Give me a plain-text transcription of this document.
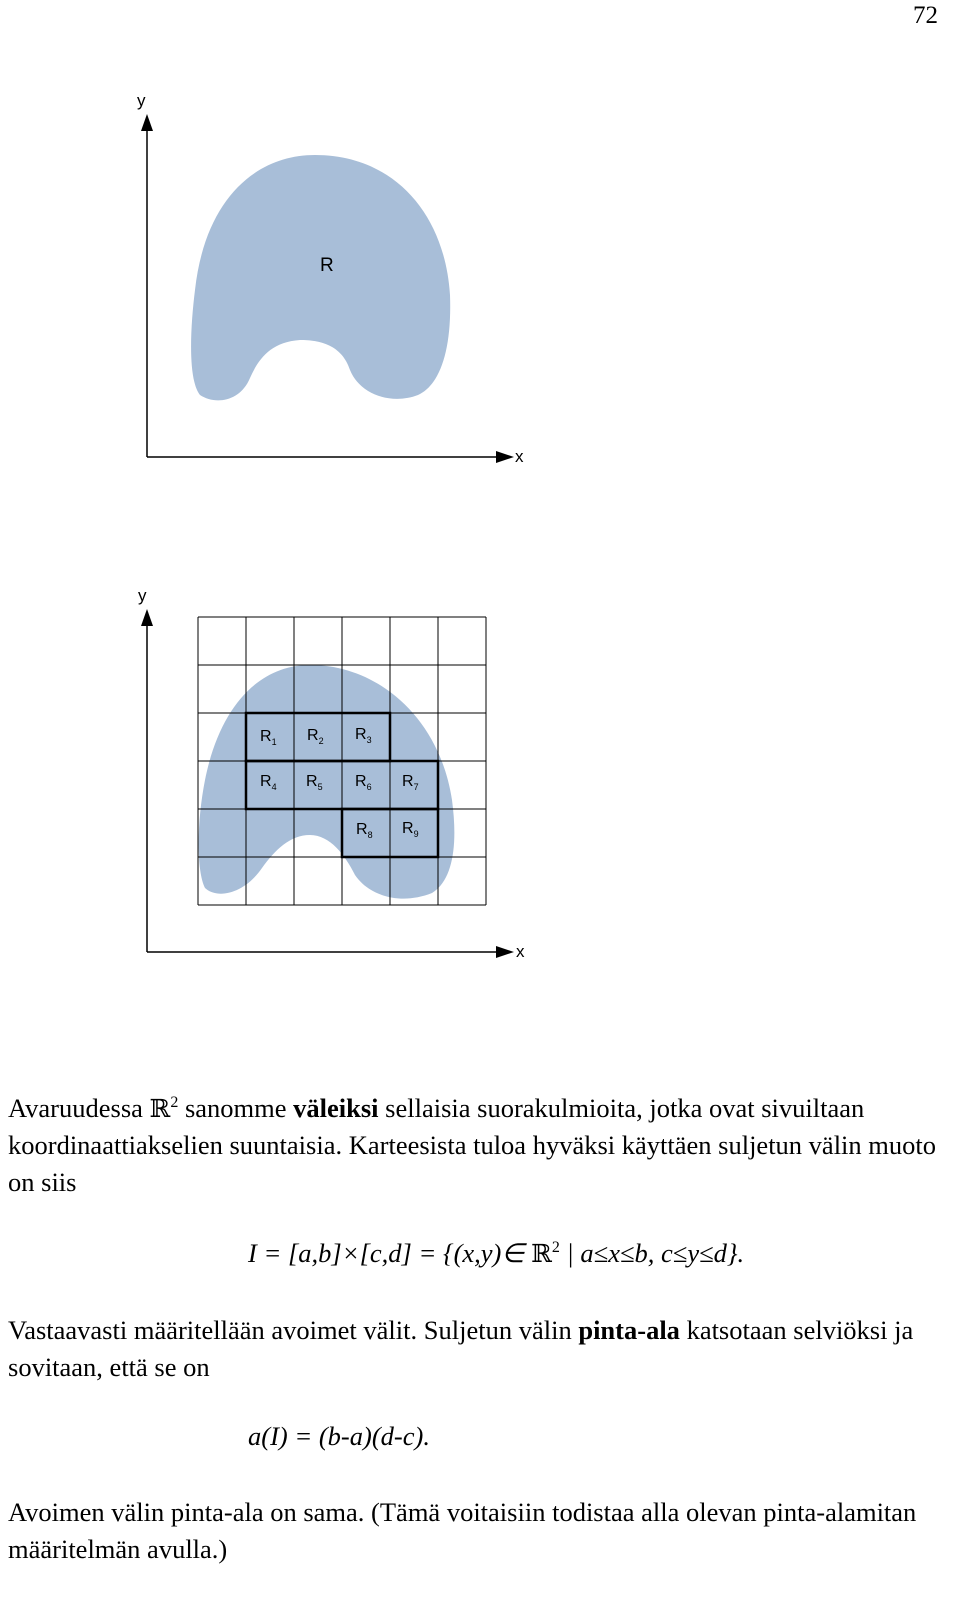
72
y
x
R
y
x
$R_1$ $R_2$ $R_3$
$R_4$ $R_5$ $R_6$ $R_7$
$R_8$ $R_9$
Avaruudessa ℝ$^2$ sanomme väleiksi sellaisia suorakulmioita, jotka ovat sivuiltaan koordinaattiakselien suuntaisia. Karteesista tuloa hyväksi käyttäen suljetun välin muoto on siis
I = [a,b]×[c,d] = {(x,y)∈ ℝ$^2$ | a≤x≤b, c≤y≤d}.
Vastaavasti määritellään avoimet välit. Suljetun välin pinta-ala katsotaan selviöksi ja sovitaan, että se on
a(I) = (b-a)(d-c).
Avoimen välin pinta-ala on sama. (Tämä voitaisiin todistaa alla olevan pinta-alamitan määritelmän avulla.)
